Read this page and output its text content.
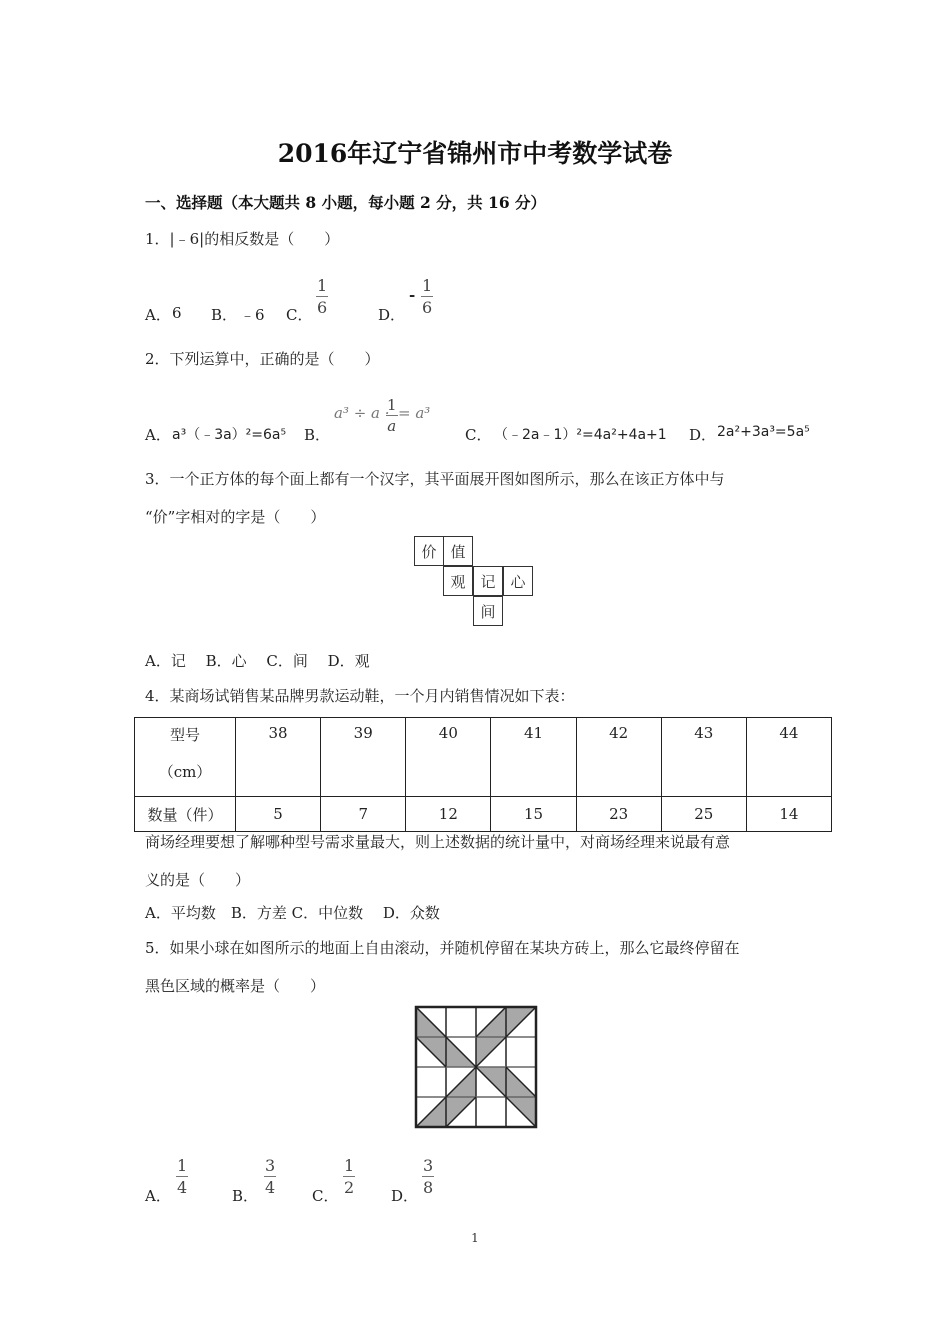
2016年辽宁省锦州市中考数学试卷
一、选择题（本大题共 8 小题，每小题 2 分，共 16 分）
1．|﹣6|的相反数是（　　）
A． 6 B． ﹣6 C． $\frac{1}{6}$	D．
- $\frac{1}{6}$
2．下列运算中，正确的是（　　）
A． a³（﹣3a）²=6a⁵ B．
a³ ÷ a ·
$\frac{1}{a} = a^3$
C． （﹣2a﹣1）²=4a²+4a+1 D． 2a²+3a³=5a⁵
3．一个正方体的每个面上都有一个汉字，其平面展开图如图所示，那么在该正方体中与
“价”字相对的字是（　　）
价 值
观 记 心
间
A．记　 B．心　 C．间　 D．观
4．某商场试销售某品牌男款运动鞋，一个月内销售情况如下表：
型号
（cm）	38	39	40	41	42	43	44
数量（件）	5	7	12	15	23	25	14
商场经理要想了解哪种型号需求量最大，则上述数据的统计量中，对商场经理来说最有意
义的是（　　）
A．平均数　B．方差 C．中位数　 D．众数
5．如果小球在如图所示的地面上自由滚动，并随机停留在某块方砖上，那么它最终停留在
黑色区域的概率是（　　）
A． $\frac{1}{4}$	B． $\frac{3}{4}$ C． $\frac{1}{2}$ D． $\frac{3}{8}$
1
